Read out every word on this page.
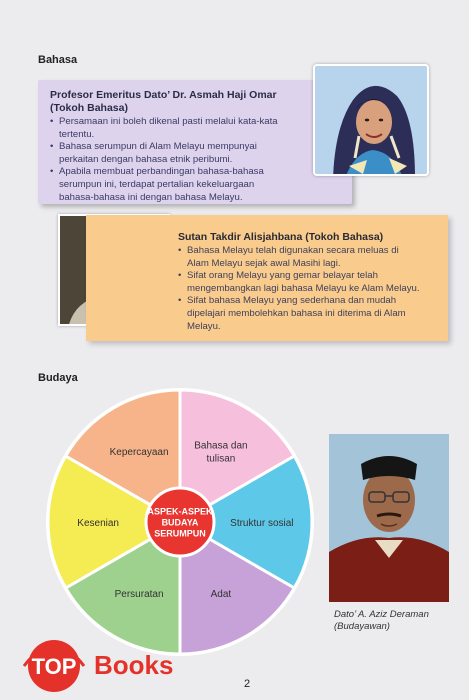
Bahasa
Profesor Emeritus Dato’ Dr. Asmah Haji Omar
(Tokoh Bahasa)
• Persamaan ini boleh dikenal pasti melalui kata-kata
tertentu.
• Bahasa serumpun di Alam Melayu mempunyai
perkaitan dengan bahasa etnik peribumi.
• Apabila membuat perbandingan bahasa-bahasa
serumpun ini, terdapat pertalian kekeluargaan
bahasa-bahasa ini dengan bahasa Melayu.
Sutan Takdir Alisjahbana (Tokoh Bahasa)
• Bahasa Melayu telah digunakan secara meluas di
Alam Melayu sejak awal Masihi lagi.
• Sifat orang Melayu yang gemar belayar telah
mengembangkan lagi bahasa Melayu ke Alam Melayu.
• Sifat bahasa Melayu yang sederhana dan mudah
dipelajari membolehkan bahasa ini diterima di Alam
Melayu.
Budaya
Bahasa dan
tulisan
Struktur sosial
Adat
Persuratan
Kesenian
Kepercayaan
ASPEK-ASPEK
BUDAYA
SERUMPUN
Dato’ A. Aziz Deraman
(Budayawan)
2
TOP Books
